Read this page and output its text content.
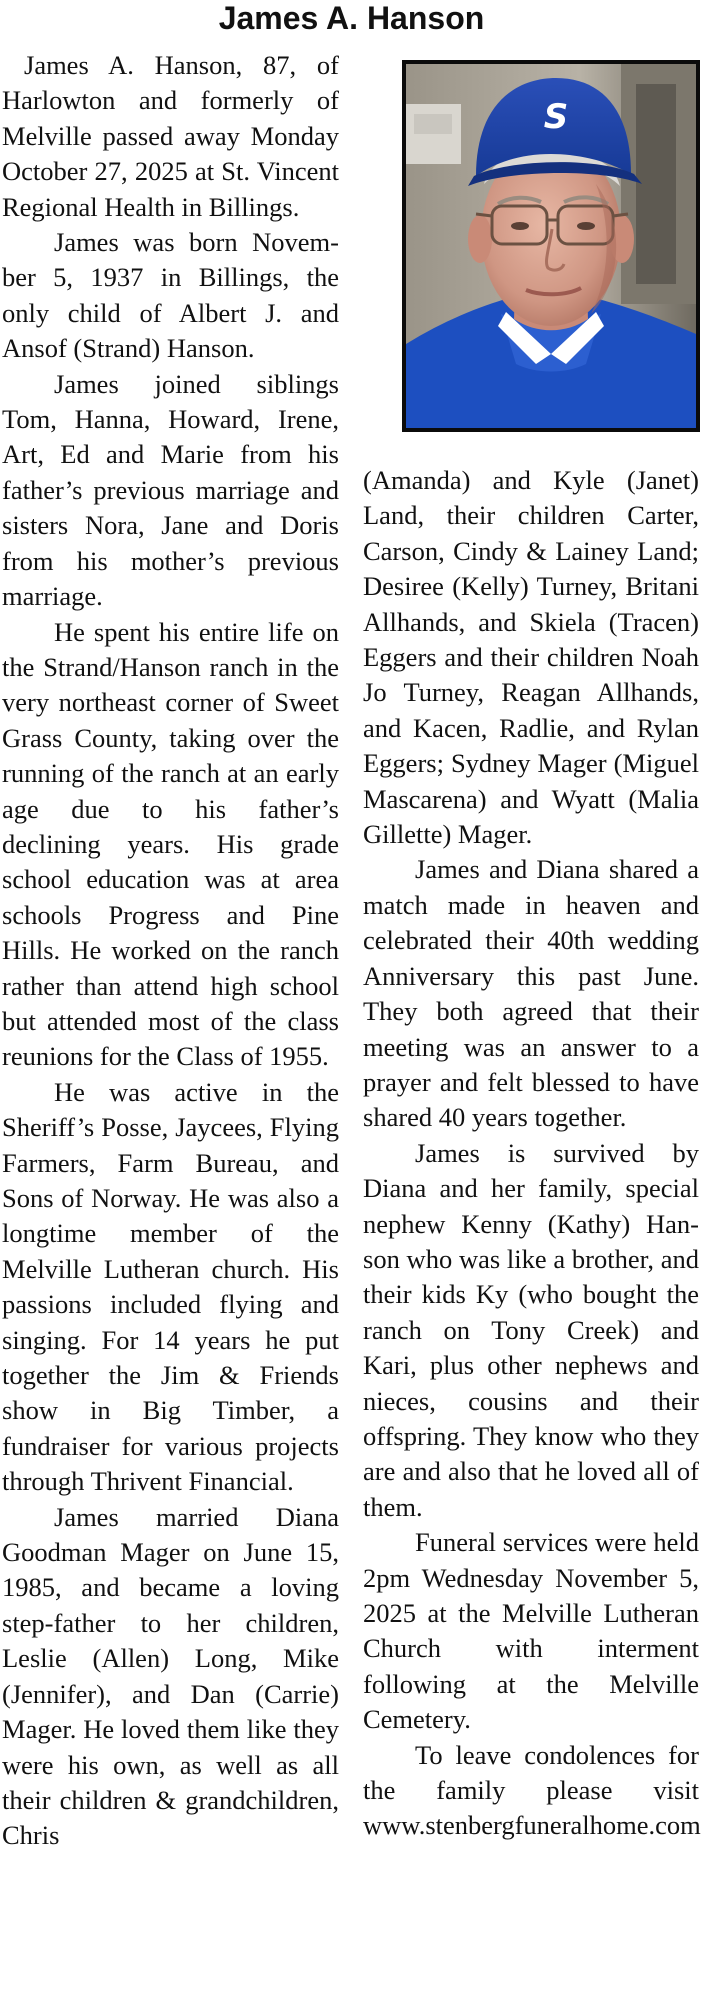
James A. Hanson

James A. Hanson, 87, of Harlowton and formerly of Melville passed away Monday October 27, 2025 at St. Vincent Regional Health in Billings.

James was born November 5, 1937 in Billings, the only child of Albert J. and Ansof (Strand) Hanson.

James joined siblings Tom, Hanna, Howard, Irene, Art, Ed and Marie from his father’s previous marriage and sisters Nora, Jane and Doris from his mother’s previous marriage.

He spent his entire life on the Strand/Hanson ranch in the very northeast corner of Sweet Grass County, taking over the running of the ranch at an early age due to his father’s declining years. His grade school education was at area schools Progress and Pine Hills. He worked on the ranch rather than attend high school but attended most of the class reunions for the Class of 1955.

He was active in the Sheriff’s Posse, Jaycees, Flying Farmers, Farm Bureau, and Sons of Norway. He was also a longtime member of the Melville Lutheran church. His passions included flying and singing. For 14 years he put together the Jim & Friends show in Big Timber, a fundraiser for various projects through Thrivent Financial.

James married Diana Goodman Mager on June 15, 1985, and became a loving step-father to her children, Leslie (Allen) Long, Mike (Jennifer), and Dan (Carrie) Mager. He loved them like they were his own, as well as all their children & grandchildren, Chris

S

(Amanda) and Kyle (Janet) Land, their children Carter, Carson, Cindy & Lainey Land; Desiree (Kelly) Turney, Britani Allhands, and Skiela (Tracen) Eggers and their children Noah Jo Turney, Reagan Allhands, and Kacen, Radlie, and Rylan Eggers; Sydney Mager (Miguel Mascarena) and Wyatt (Malia Gillette) Mager.

James and Diana shared a match made in heaven and celebrated their 40th wedding Anniversary this past June. They both agreed that their meeting was an answer to a prayer and felt blessed to have shared 40 years together.

James is survived by Diana and her family, special nephew Kenny (Kathy) Hanson who was like a brother, and their kids Ky (who bought the ranch on Tony Creek) and Kari, plus other nephews and nieces, cousins and their offspring. They know who they are and also that he loved all of them.

Funeral services were held 2pm Wednesday November 5, 2025 at the Melville Lutheran Church with interment following at the Melville Cemetery.

To leave condolences for the family please visit www.stenbergfuneralhome.com
